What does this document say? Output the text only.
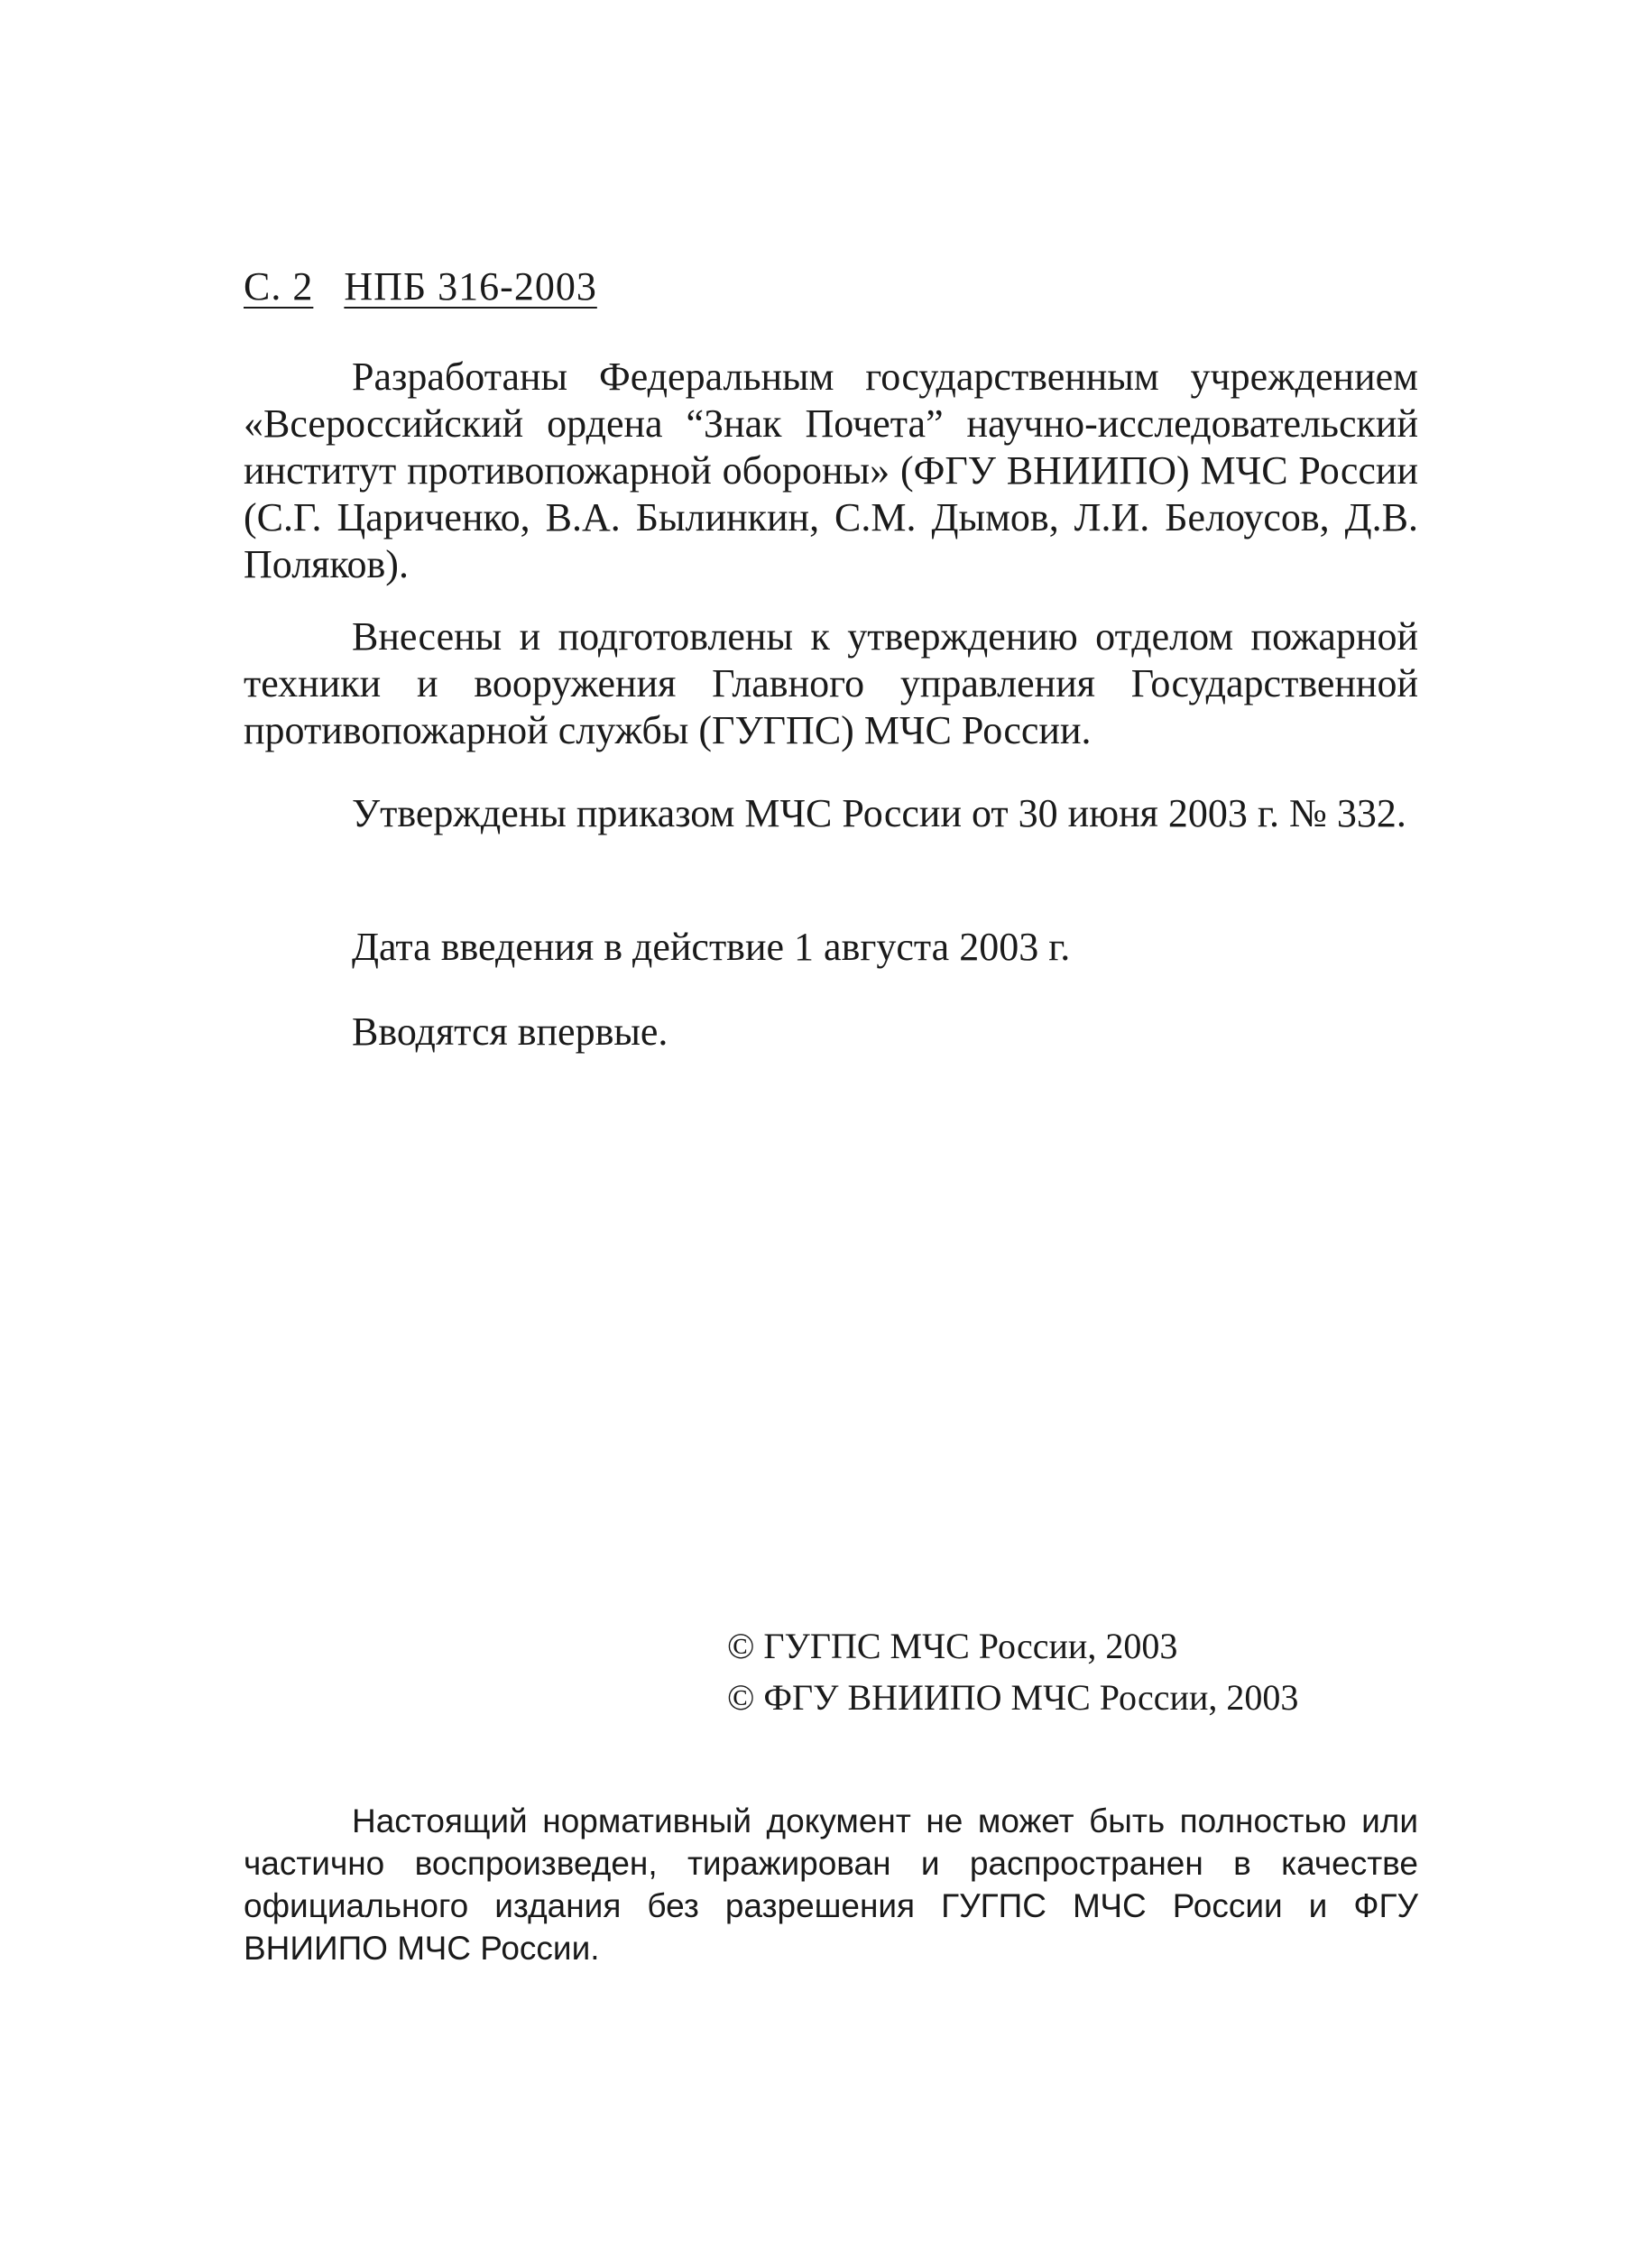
С. 2 НПБ 316-2003

Разработаны Федеральным государственным учреждением «Всероссийский ордена “Знак Почета” научно-исследовательский институт противопожарной обороны» (ФГУ ВНИИПО) МЧС России (С.Г. Цариченко, В.А. Былинкин, С.М. Дымов, Л.И. Белоусов, Д.В. Поляков).

Внесены и подготовлены к утверждению отделом пожарной техники и вооружения Главного управления Государственной противопожарной службы (ГУГПС) МЧС России.

Утверждены приказом МЧС России от 30 июня 2003 г. № 332.

Дата введения в действие 1 августа 2003 г.

Вводятся впервые.

© ГУГПС МЧС России, 2003
© ФГУ ВНИИПО МЧС России, 2003

Настоящий нормативный документ не может быть полностью или частично воспроизведен, тиражирован и распространен в качестве официального издания без разрешения ГУГПС МЧС России и ФГУ ВНИИПО МЧС России.
